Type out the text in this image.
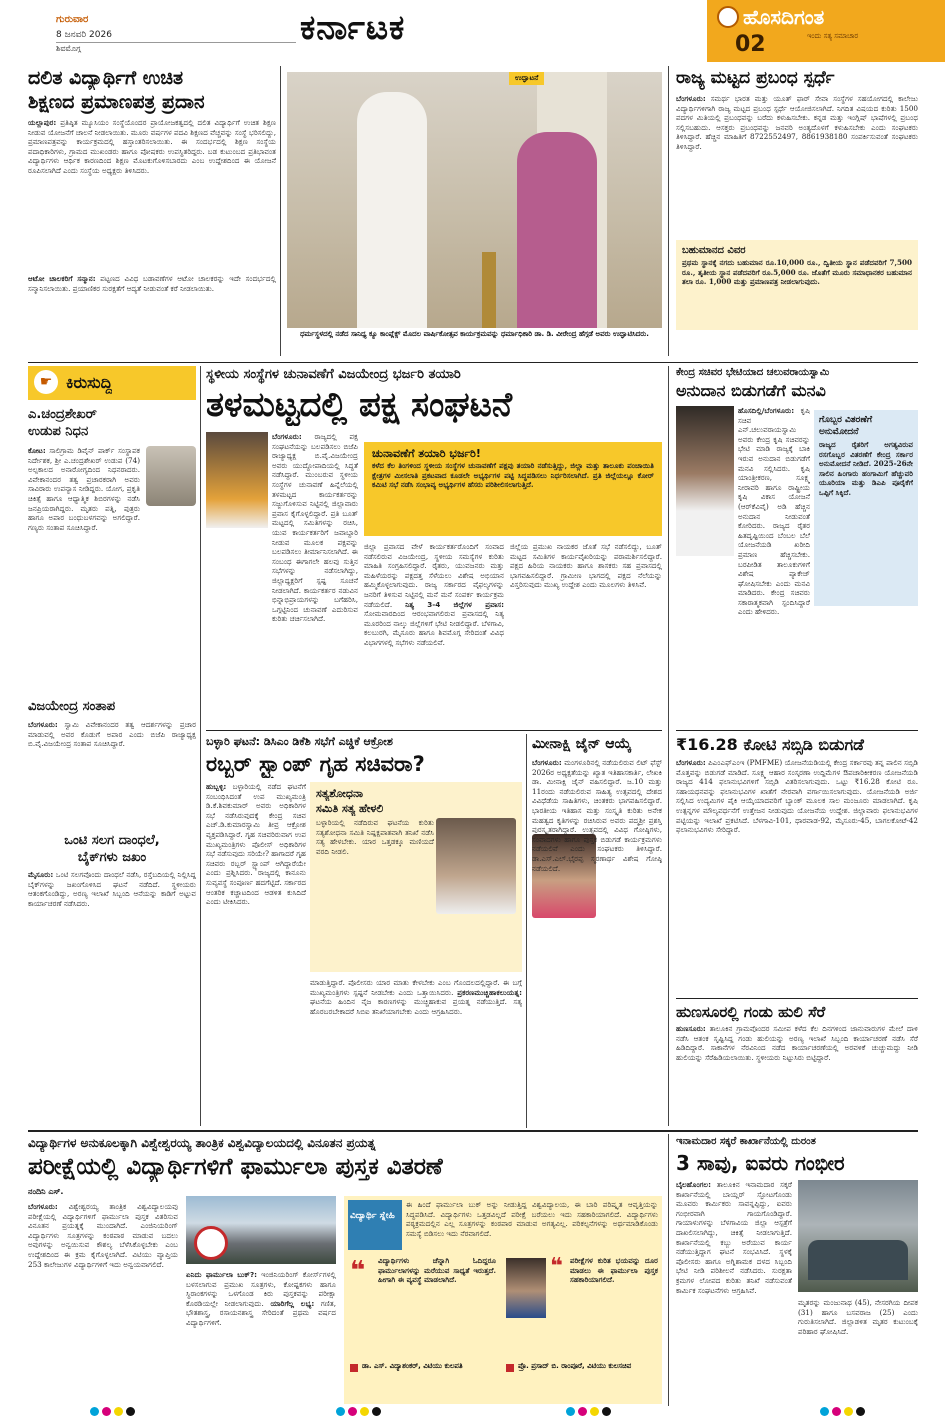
ಗುರುವಾರ
8 ಜನವರಿ 2026
ಶಿವಮೊಗ್ಗ
ಕರ್ನಾಟಕ	ಹೊಸದಿಗಂತ
ಇಂದು ಸತ್ಯ ಸಮಾಚಾರ
02
ದಲಿತ ವಿದ್ಯಾರ್ಥಿಗೆ ಉಚಿತ
ಶಿಕ್ಷಣದ ಪ್ರಮಾಣಪತ್ರ ಪ್ರದಾನ
ಯಲ್ಲಾಪುರ: ಪ್ರತಿಷ್ಠಿತ ಮ್ಯೂಸಿಯಂ ಸಂಸ್ಥೆಯೊಂದರ ಪ್ರಾಯೋಜಕತ್ವದಲ್ಲಿ ದಲಿತ ವಿದ್ಯಾರ್ಥಿಗೆ ಉಚಿತ ಶಿಕ್ಷಣ ನೀಡುವ ಯೋಜನೆಗೆ ಚಾಲನೆ ನೀಡಲಾಯಿತು. ಮೂರು ವರ್ಷಗಳ ಪದವಿ ಶಿಕ್ಷಣದ ವೆಚ್ಚವನ್ನು ಸಂಸ್ಥೆ ಭರಿಸಲಿದ್ದು, ಪ್ರಮಾಣಪತ್ರವನ್ನು ಕಾರ್ಯಕ್ರಮದಲ್ಲಿ ಹಸ್ತಾಂತರಿಸಲಾಯಿತು. ಈ ಸಂದರ್ಭದಲ್ಲಿ ಶಿಕ್ಷಣ ಸಂಸ್ಥೆಯ ಪದಾಧಿಕಾರಿಗಳು, ಗ್ರಾಮದ ಮುಖಂಡರು ಹಾಗೂ ಪೋಷಕರು ಉಪಸ್ಥಿತರಿದ್ದರು. ಬಡ ಕುಟುಂಬದ ಪ್ರತಿಭಾವಂತ ವಿದ್ಯಾರ್ಥಿಗಳು ಆರ್ಥಿಕ ಕಾರಣದಿಂದ ಶಿಕ್ಷಣ ಮೊಟಕುಗೊಳಿಸಬಾರದು ಎಂಬ ಉದ್ದೇಶದಿಂದ ಈ ಯೋಜನೆ ರೂಪಿಸಲಾಗಿದೆ ಎಂದು ಸಂಸ್ಥೆಯ ಅಧ್ಯಕ್ಷರು ತಿಳಿಸಿದರು.
ಆಟೋ ಚಾಲಕರಿಗೆ ಸನ್ಮಾನ: ಪಟ್ಟಣದ ವಿವಿಧ ಬಡಾವಣೆಗಳ ಆಟೋ ಚಾಲಕರನ್ನು ಇದೇ ಸಂದರ್ಭದಲ್ಲಿ ಸನ್ಮಾನಿಸಲಾಯಿತು. ಪ್ರಯಾಣಿಕರ ಸುರಕ್ಷತೆಗೆ ಆದ್ಯತೆ ನೀಡುವಂತೆ ಕರೆ ನೀಡಲಾಯಿತು.
ಉದ್ಘಾಟನೆ
ಧರ್ಮಸ್ಥಳದಲ್ಲಿ ನಡೆದ ಸಾನಿಧ್ಯ ಕ್ಯೂ ಕಾಂಪ್ಲೆಕ್ಸ್ ಮೊದಲ ವಾರ್ಷಿಕೋತ್ಸವ ಕಾರ್ಯಕ್ರಮವನ್ನು ಧರ್ಮಾಧಿಕಾರಿ ಡಾ. ಡಿ. ವೀರೇಂದ್ರ ಹೆಗ್ಗಡೆ ಅವರು ಉದ್ಘಾಟಿಸಿದರು.
ರಾಜ್ಯ ಮಟ್ಟದ ಪ್ರಬಂಧ ಸ್ಪರ್ಧೆ
ಬೆಂಗಳೂರು: ಸಮರ್ಥ ಭಾರತ ಮತ್ತು ಯೂತ್ ಫಾರ್ ಸೇವಾ ಸಂಸ್ಥೆಗಳ ಸಹಯೋಗದಲ್ಲಿ ಕಾಲೇಜು ವಿದ್ಯಾರ್ಥಿಗಳಿಗಾಗಿ ರಾಜ್ಯ ಮಟ್ಟದ ಪ್ರಬಂಧ ಸ್ಪರ್ಧೆ ಆಯೋಜಿಸಲಾಗಿದೆ. ನಿಗದಿತ ವಿಷಯದ ಕುರಿತು 1500 ಪದಗಳ ಮಿತಿಯಲ್ಲಿ ಪ್ರಬಂಧವನ್ನು ಬರೆದು ಕಳುಹಿಸಬೇಕು. ಕನ್ನಡ ಮತ್ತು ಇಂಗ್ಲಿಷ್ ಭಾಷೆಗಳಲ್ಲಿ ಪ್ರಬಂಧ ಸಲ್ಲಿಸಬಹುದು. ಆಸಕ್ತರು ಪ್ರಬಂಧವನ್ನು ಜನವರಿ ಅಂತ್ಯದೊಳಗೆ ಕಳುಹಿಸಬೇಕು ಎಂದು ಸಂಘಟಕರು ತಿಳಿಸಿದ್ದಾರೆ. ಹೆಚ್ಚಿನ ಮಾಹಿತಿಗೆ 8722552497, 8861938180 ಸಂಪರ್ಕಿಸುವಂತೆ ಸಂಘಟಕರು ತಿಳಿಸಿದ್ದಾರೆ.
ಬಹುಮಾನದ ವಿವರ
ಪ್ರಥಮ ಸ್ಥಾನಕ್ಕೆ ನಗದು ಬಹುಮಾನ ರೂ.10,000 ರೂ., ದ್ವಿತೀಯ ಸ್ಥಾನ ಪಡೆದವರಿಗೆ 7,500 ರೂ., ತೃತೀಯ ಸ್ಥಾನ ಪಡೆದವರಿಗೆ ರೂ.5,000 ರೂ. ಜೊತೆಗೆ ಮೂರು ಸಮಾಧಾನಕರ ಬಹುಮಾನ ತಲಾ ರೂ. 1,000 ಮತ್ತು ಪ್ರಮಾಣಪತ್ರ ನೀಡಲಾಗುವುದು.
☛ ಕಿರುಸುದ್ದಿ
ಎ.ಚಂದ್ರಶೇಖರ್
ಉಡುಪ ನಿಧನ
ಕೋಟ: ಸಾಲಿಗ್ರಾಮ ಡಿವೈನ್ ಪಾರ್ಕ್ ಸಂಸ್ಥಾಪಕ ನಿರ್ದೇಶಕ, ಶ್ರೀ ಎ.ಚಂದ್ರಶೇಖರ್ ಉಡುಪ (74) ಅಲ್ಪಕಾಲದ ಅನಾರೋಗ್ಯದಿಂದ ನಿಧನರಾದರು. ವಿವೇಕಾನಂದರ ತತ್ವ ಪ್ರಚಾರಕರಾಗಿ ಅವರು ಸಾವಿರಾರು ಉಪನ್ಯಾಸ ನೀಡಿದ್ದರು. ಯೋಗ, ಪ್ರಕೃತಿ ಚಿಕಿತ್ಸೆ ಹಾಗೂ ಆಧ್ಯಾತ್ಮಿಕ ಶಿಬಿರಗಳನ್ನು ನಡೆಸಿ ಜನಪ್ರಿಯರಾಗಿದ್ದರು. ಮೃತರು ಪತ್ನಿ, ಪುತ್ರರು ಹಾಗೂ ಅಪಾರ ಬಂಧುಬಳಗವನ್ನು ಅಗಲಿದ್ದಾರೆ. ಗಣ್ಯರು ಸಂತಾಪ ಸೂಚಿಸಿದ್ದಾರೆ.
ವಿಜಯೇಂದ್ರ ಸಂತಾಪ
ಬೆಂಗಳೂರು: ಸ್ವಾಮಿ ವಿವೇಕಾನಂದರ ತತ್ವ ಆದರ್ಶಗಳನ್ನು ಪ್ರಚಾರ ಮಾಡುವಲ್ಲಿ ಅವರ ಕೊಡುಗೆ ಅಪಾರ ಎಂದು ಬಿಜೆಪಿ ರಾಜ್ಯಾಧ್ಯಕ್ಷ ಬಿ.ವೈ.ವಿಜಯೇಂದ್ರ ಸಂತಾಪ ಸೂಚಿಸಿದ್ದಾರೆ.
ಒಂಟಿ ಸಲಗ ದಾಂಧಲೆ,
ಬೈಕ್‌ಗಳು ಜಖಂ
ಮೈಸೂರು: ಒಂಟಿ ಸಲಗವೊಂದು ದಾಂಧಲೆ ನಡೆಸಿ, ರಸ್ತೆಬದಿಯಲ್ಲಿ ನಿಲ್ಲಿಸಿದ್ದ ಬೈಕ್‌ಗಳನ್ನು ಜಖಂಗೊಳಿಸಿದ ಘಟನೆ ನಡೆದಿದೆ. ಸ್ಥಳೀಯರು ಆತಂಕಗೊಂಡಿದ್ದು, ಅರಣ್ಯ ಇಲಾಖೆ ಸಿಬ್ಬಂದಿ ಆನೆಯನ್ನು ಕಾಡಿಗೆ ಅಟ್ಟುವ ಕಾರ್ಯಾಚರಣೆ ನಡೆಸಿದರು.
ಸ್ಥಳೀಯ ಸಂಸ್ಥೆಗಳ ಚುನಾವಣೆಗೆ ವಿಜಯೇಂದ್ರ ಭರ್ಜರಿ ತಯಾರಿ
ತಳಮಟ್ಟದಲ್ಲಿ ಪಕ್ಷ ಸಂಘಟನೆ
ಬೆಂಗಳೂರು: ರಾಜ್ಯದಲ್ಲಿ ಪಕ್ಷ ಸಂಘಟನೆಯನ್ನು ಬಲಪಡಿಸಲು ಬಿಜೆಪಿ ರಾಜ್ಯಾಧ್ಯಕ್ಷ ಬಿ.ವೈ.ವಿಜಯೇಂದ್ರ ಅವರು ಯುದ್ಧೋಪಾದಿಯಲ್ಲಿ ಸಿದ್ಧತೆ ನಡೆಸಿದ್ದಾರೆ. ಮುಂಬರುವ ಸ್ಥಳೀಯ ಸಂಸ್ಥೆಗಳ ಚುನಾವಣೆ ಹಿನ್ನೆಲೆಯಲ್ಲಿ ತಳಮಟ್ಟದ ಕಾರ್ಯಕರ್ತರನ್ನು ಸಜ್ಜುಗೊಳಿಸುವ ನಿಟ್ಟಿನಲ್ಲಿ ಜಿಲ್ಲಾವಾರು ಪ್ರವಾಸ ಕೈಗೊಳ್ಳಲಿದ್ದಾರೆ. ಪ್ರತಿ ಬೂತ್ ಮಟ್ಟದಲ್ಲಿ ಸಮಿತಿಗಳನ್ನು ರಚಿಸಿ, ಯುವ ಕಾರ್ಯಕರ್ತರಿಗೆ ಜವಾಬ್ದಾರಿ ನೀಡುವ ಮೂಲಕ ಪಕ್ಷವನ್ನು ಬಲಪಡಿಸಲು ತೀರ್ಮಾನಿಸಲಾಗಿದೆ. ಈ ಸಂಬಂಧ ಈಗಾಗಲೇ ಹಲವು ಸುತ್ತಿನ ಸಭೆಗಳನ್ನು ನಡೆಸಲಾಗಿದ್ದು, ಜಿಲ್ಲಾಧ್ಯಕ್ಷರಿಗೆ ಸ್ಪಷ್ಟ ಸೂಚನೆ ನೀಡಲಾಗಿದೆ. ಕಾರ್ಯಕರ್ತರ ನಡುವಿನ ಭಿನ್ನಾಭಿಪ್ರಾಯಗಳನ್ನು ಬಗೆಹರಿಸಿ, ಒಗ್ಗಟ್ಟಿನಿಂದ ಚುನಾವಣೆ ಎದುರಿಸುವ ಕುರಿತು ಚರ್ಚಿಸಲಾಗಿದೆ.
ಚುನಾವಣೆಗೆ ತಯಾರಿ ಭರ್ಜರಿ!
ಕಳೆದ ಕೆಲ ತಿಂಗಳಿಂದ ಸ್ಥಳೀಯ ಸಂಸ್ಥೆಗಳ ಚುನಾವಣೆಗೆ ಪಕ್ಷವು ತಯಾರಿ ನಡೆಸುತ್ತಿದ್ದು, ಜಿಲ್ಲಾ ಮತ್ತು ತಾಲೂಕು ಪಂಚಾಯಿತಿ ಕ್ಷೇತ್ರಗಳ ಮೀಸಲಾತಿ ಪ್ರಕಟವಾದ ಕೂಡಲೇ ಅಭ್ಯರ್ಥಿಗಳ ಪಟ್ಟಿ ಸಿದ್ಧಪಡಿಸಲು ನಿರ್ಧರಿಸಲಾಗಿದೆ. ಪ್ರತಿ ಜಿಲ್ಲೆಯಲ್ಲೂ ಕೋರ್ ಕಮಿಟಿ ಸಭೆ ನಡೆಸಿ ಸಂಭಾವ್ಯ ಅಭ್ಯರ್ಥಿಗಳ ಹೆಸರು ಪರಿಶೀಲಿಸಲಾಗುತ್ತಿದೆ.
ಜಿಲ್ಲಾ ಪ್ರವಾಸದ ವೇಳೆ ಕಾರ್ಯಕರ್ತರೊಂದಿಗೆ ಸಂವಾದ ನಡೆಸಲಿರುವ ವಿಜಯೇಂದ್ರ, ಸ್ಥಳೀಯ ಸಮಸ್ಯೆಗಳ ಕುರಿತು ಮಾಹಿತಿ ಸಂಗ್ರಹಿಸಲಿದ್ದಾರೆ. ರೈತರು, ಯುವಜನರು ಮತ್ತು ಮಹಿಳೆಯರನ್ನು ಪಕ್ಷದತ್ತ ಸೆಳೆಯಲು ವಿಶೇಷ ಅಭಿಯಾನ ಹಮ್ಮಿಕೊಳ್ಳಲಾಗುವುದು. ರಾಜ್ಯ ಸರ್ಕಾರದ ವೈಫಲ್ಯಗಳನ್ನು ಜನರಿಗೆ ತಿಳಿಸುವ ನಿಟ್ಟಿನಲ್ಲಿ ಮನೆ ಮನೆ ಸಂಪರ್ಕ ಕಾರ್ಯಕ್ರಮ ನಡೆಯಲಿದೆ. ನಿತ್ಯ 3-4 ಜಿಲ್ಲೆಗಳ ಪ್ರವಾಸ: ಸೋಮವಾರದಿಂದ ಆರಂಭವಾಗಲಿರುವ ಪ್ರವಾಸದಲ್ಲಿ ನಿತ್ಯ ಮೂರರಿಂದ ನಾಲ್ಕು ಜಿಲ್ಲೆಗಳಿಗೆ ಭೇಟಿ ನೀಡಲಿದ್ದಾರೆ. ಬೆಳಗಾವಿ, ಕಲಬುರಗಿ, ಮೈಸೂರು ಹಾಗೂ ಶಿವಮೊಗ್ಗ ಸೇರಿದಂತೆ ವಿವಿಧ ವಿಭಾಗಗಳಲ್ಲಿ ಸಭೆಗಳು ನಡೆಯಲಿವೆ.
ಜಿಲ್ಲೆಯ ಪ್ರಮುಖ ನಾಯಕರ ಜೊತೆ ಸಭೆ ನಡೆಸಲಿದ್ದು, ಬೂತ್ ಮಟ್ಟದ ಸಮಿತಿಗಳ ಕಾರ್ಯವೈಖರಿಯನ್ನು ಪರಾಮರ್ಶಿಸಲಿದ್ದಾರೆ. ಪಕ್ಷದ ಹಿರಿಯ ನಾಯಕರು ಹಾಗೂ ಶಾಸಕರು ಸಹ ಪ್ರವಾಸದಲ್ಲಿ ಭಾಗವಹಿಸಲಿದ್ದಾರೆ. ಗ್ರಾಮೀಣ ಭಾಗದಲ್ಲಿ ಪಕ್ಷದ ನೆಲೆಯನ್ನು ವಿಸ್ತರಿಸುವುದು ಮುಖ್ಯ ಉದ್ದೇಶ ಎಂದು ಮೂಲಗಳು ತಿಳಿಸಿವೆ.
ಬಳ್ಳಾರಿ ಘಟನೆ: ಡಿಸಿಎಂ ಡಿಕೆಶಿ ಸಭೆಗೆ ಎಚ್ಡಿಕೆ ಆಕ್ರೋಶ
ರಬ್ಬರ್ ಸ್ಟ್ಯಾಂಪ್ ಗೃಹ ಸಚಿವರಾ?
ಹುಬ್ಬಳ್ಳಿ: ಬಳ್ಳಾರಿಯಲ್ಲಿ ನಡೆದ ಘಟನೆಗೆ ಸಂಬಂಧಿಸಿದಂತೆ ಉಪ ಮುಖ್ಯಮಂತ್ರಿ ಡಿ.ಕೆ.ಶಿವಕುಮಾರ್ ಅವರು ಅಧಿಕಾರಿಗಳ ಸಭೆ ನಡೆಸಿರುವುದಕ್ಕೆ ಕೇಂದ್ರ ಸಚಿವ ಎಚ್.ಡಿ.ಕುಮಾರಸ್ವಾಮಿ ತೀವ್ರ ಆಕ್ರೋಶ ವ್ಯಕ್ತಪಡಿಸಿದ್ದಾರೆ. ಗೃಹ ಸಚಿವರಿರುವಾಗ ಉಪ ಮುಖ್ಯಮಂತ್ರಿಗಳು ಪೊಲೀಸ್ ಅಧಿಕಾರಿಗಳ ಸಭೆ ನಡೆಸುವುದು ಸರಿಯೇ? ಹಾಗಾದರೆ ಗೃಹ ಸಚಿವರು ರಬ್ಬರ್ ಸ್ಟ್ಯಾಂಪ್ ಆಗಿದ್ದಾರೆಯೇ ಎಂದು ಪ್ರಶ್ನಿಸಿದರು. ರಾಜ್ಯದಲ್ಲಿ ಕಾನೂನು ಸುವ್ಯವಸ್ಥೆ ಸಂಪೂರ್ಣ ಹದಗೆಟ್ಟಿದೆ. ಸರ್ಕಾರದ ಆಂತರಿಕ ಕಚ್ಚಾಟದಿಂದ ಆಡಳಿತ ಕುಸಿದಿದೆ ಎಂದು ಟೀಕಿಸಿದರು.
ಸತ್ಯಶೋಧನಾ
ಸಮಿತಿ ಸತ್ಯ ಹೇಳಲಿ
ಬಳ್ಳಾರಿಯಲ್ಲಿ ನಡೆದಿರುವ ಘಟನೆಯ ಕುರಿತು ಸತ್ಯಶೋಧನಾ ಸಮಿತಿ ನಿಷ್ಪಕ್ಷಪಾತವಾಗಿ ತನಿಖೆ ನಡೆಸಿ ಸತ್ಯ ಹೇಳಬೇಕು. ಯಾರ ಒತ್ತಡಕ್ಕೂ ಮಣಿಯದೆ ವರದಿ ನೀಡಲಿ.
ಮಾಡುತ್ತಿದ್ದಾರೆ. ಪೊಲೀಸರು ಯಾರ ಮಾತು ಕೇಳಬೇಕು ಎಂಬ ಗೊಂದಲದಲ್ಲಿದ್ದಾರೆ. ಈ ಬಗ್ಗೆ ಮುಖ್ಯಮಂತ್ರಿಗಳು ಸ್ಪಷ್ಟನೆ ನೀಡಬೇಕು ಎಂದು ಒತ್ತಾಯಿಸಿದರು. ಪ್ರಕರಣಮುಚ್ಚಿಹಾಕಲುಯತ್ನ: ಘಟನೆಯ ಹಿಂದಿನ ನೈಜ ಕಾರಣಗಳನ್ನು ಮುಚ್ಚಿಹಾಕುವ ಪ್ರಯತ್ನ ನಡೆಯುತ್ತಿದೆ. ಸತ್ಯ ಹೊರಬರಬೇಕಾದರೆ ಸಿಬಿಐ ತನಿಖೆಯಾಗಬೇಕು ಎಂದು ಆಗ್ರಹಿಸಿದರು.
ಮೀನಾಕ್ಷಿ ಜೈನ್ ಆಯ್ಕೆ
ಬೆಂಗಳೂರು: ಮಂಗಳೂರಿನಲ್ಲಿ ನಡೆಯಲಿರುವ ಲಿಟ್ ಫೆಸ್ಟ್ 2026ರ ಅಧ್ಯಕ್ಷತೆಯನ್ನು ಖ್ಯಾತ ಇತಿಹಾಸಕಾರ್ತಿ, ಲೇಖಕಿ ಡಾ. ಮೀನಾಕ್ಷಿ ಜೈನ್ ವಹಿಸಲಿದ್ದಾರೆ. ಜ.10 ಮತ್ತು 11ರಂದು ನಡೆಯಲಿರುವ ಸಾಹಿತ್ಯ ಉತ್ಸವದಲ್ಲಿ ದೇಶದ ವಿವಿಧೆಡೆಯ ಸಾಹಿತಿಗಳು, ಚಿಂತಕರು ಭಾಗವಹಿಸಲಿದ್ದಾರೆ. ಭಾರತೀಯ ಇತಿಹಾಸ ಮತ್ತು ಸಂಸ್ಕೃತಿ ಕುರಿತು ಅನೇಕ ಮಹತ್ವದ ಕೃತಿಗಳನ್ನು ರಚಿಸಿರುವ ಅವರು ಪದ್ಮಶ್ರೀ ಪ್ರಶಸ್ತಿ ಪುರಸ್ಕೃತರಾಗಿದ್ದಾರೆ. ಉತ್ಸವದಲ್ಲಿ ವಿವಿಧ ಗೋಷ್ಠಿಗಳು, ಸಂವಾದಗಳು ಹಾಗೂ ಪುಸ್ತಕ ಬಿಡುಗಡೆ ಕಾರ್ಯಕ್ರಮಗಳು ನಡೆಯಲಿವೆ ಎಂದು ಸಂಘಟಕರು ತಿಳಿಸಿದ್ದಾರೆ. ಡಾ.ಎಸ್.ಎಲ್.ಭೈರಪ್ಪ ಸ್ಮರಣಾರ್ಥ ವಿಶೇಷ ಗೋಷ್ಠಿ ನಡೆಯಲಿದೆ.
ಕೇಂದ್ರ ಸಚಿವರ ಭೇಟಿಯಾದ ಚಲುವರಾಯಸ್ವಾಮಿ
ಅನುದಾನ ಬಿಡುಗಡೆಗೆ ಮನವಿ
ಹೊಸದಿಲ್ಲಿ/ಬೆಂಗಳೂರು: ಕೃಷಿ ಸಚಿವ ಎನ್.ಚಲುವರಾಯಸ್ವಾಮಿ ಅವರು ಕೇಂದ್ರ ಕೃಷಿ ಸಚಿವರನ್ನು ಭೇಟಿ ಮಾಡಿ ರಾಜ್ಯಕ್ಕೆ ಬಾಕಿ ಇರುವ ಅನುದಾನ ಬಿಡುಗಡೆಗೆ ಮನವಿ ಸಲ್ಲಿಸಿದರು. ಕೃಷಿ ಯಾಂತ್ರೀಕರಣ, ಸೂಕ್ಷ್ಮ ನೀರಾವರಿ ಹಾಗೂ ರಾಷ್ಟ್ರೀಯ ಕೃಷಿ ವಿಕಾಸ ಯೋಜನೆ (ಆರ್‌ಕೆವಿವೈ) ಅಡಿ ಹೆಚ್ಚಿನ ಅನುದಾನ ನೀಡುವಂತೆ ಕೋರಿದರು. ರಾಜ್ಯದ ರೈತರ ಹಿತದೃಷ್ಟಿಯಿಂದ ಬೆಂಬಲ ಬೆಲೆ ಯೋಜನೆಯಡಿ ಖರೀದಿ ಪ್ರಮಾಣ ಹೆಚ್ಚಿಸಬೇಕು. ಬರಪೀಡಿತ ತಾಲೂಕುಗಳಿಗೆ ವಿಶೇಷ ಪ್ಯಾಕೇಜ್ ಘೋಷಿಸಬೇಕು ಎಂದು ಮನವಿ ಮಾಡಿದರು. ಕೇಂದ್ರ ಸಚಿವರು ಸಕಾರಾತ್ಮಕವಾಗಿ ಸ್ಪಂದಿಸಿದ್ದಾರೆ ಎಂದು ಹೇಳಿದರು.
ಗೊಬ್ಬರ ವಿತರಣೆಗೆ ಅನುಮೋದನೆ
ರಾಜ್ಯದ ರೈತರಿಗೆ ಅಗತ್ಯವಿರುವ ರಸಗೊಬ್ಬರ ವಿತರಣೆಗೆ ಕೇಂದ್ರ ಸರ್ಕಾರ ಅನುಮೋದನೆ ನೀಡಿದೆ. 2025-26ನೇ ಸಾಲಿನ ಹಿಂಗಾರು ಹಂಗಾಮಿಗೆ ಹೆಚ್ಚುವರಿ ಯೂರಿಯಾ ಮತ್ತು ಡಿಎಪಿ ಪೂರೈಕೆಗೆ ಒಪ್ಪಿಗೆ ಸಿಕ್ಕಿದೆ.
₹16.28 ಕೋಟಿ ಸಬ್ಸಿಡಿ ಬಿಡುಗಡೆ
ಬೆಂಗಳೂರು: ಪಿಎಂಎಫ್‌ಎಂಇ (PMFME) ಯೋಜನೆಯಡಿಯಲ್ಲಿ ಕೇಂದ್ರ ಸರ್ಕಾರವು ತನ್ನ ಪಾಲಿನ ಸಬ್ಸಿಡಿ ಮೊತ್ತವನ್ನು ಬಿಡುಗಡೆ ಮಾಡಿದೆ. ಸೂಕ್ಷ್ಮ ಆಹಾರ ಸಂಸ್ಕರಣಾ ಉದ್ದಿಮೆಗಳ ಔಪಚಾರಿಕೀಕರಣ ಯೋಜನೆಯಡಿ ರಾಜ್ಯದ 414 ಫಲಾನುಭವಿಗಳಿಗೆ ಸಬ್ಸಿಡಿ ವಿತರಿಸಲಾಗುವುದು. ಒಟ್ಟು ₹16.28 ಕೋಟಿ ರೂ. ಸಹಾಯಧನವನ್ನು ಫಲಾನುಭವಿಗಳ ಖಾತೆಗೆ ನೇರವಾಗಿ ವರ್ಗಾಯಿಸಲಾಗುವುದು. ಯೋಜನೆಯಡಿ ಅರ್ಜಿ ಸಲ್ಲಿಸಿದ ಉದ್ಯಮಿಗಳ ಪೈಕಿ ಆಯ್ಕೆಯಾದವರಿಗೆ ಬ್ಯಾಂಕ್ ಮೂಲಕ ಸಾಲ ಮಂಜೂರು ಮಾಡಲಾಗಿದೆ. ಕೃಷಿ ಉತ್ಪನ್ನಗಳ ಮೌಲ್ಯವರ್ಧನೆಗೆ ಉತ್ತೇಜನ ನೀಡುವುದು ಯೋಜನೆಯ ಉದ್ದೇಶ. ಜಿಲ್ಲಾವಾರು ಫಲಾನುಭವಿಗಳ ಪಟ್ಟಿಯನ್ನು ಇಲಾಖೆ ಪ್ರಕಟಿಸಿದೆ. ಬೆಳಗಾವಿ-101, ಧಾರವಾಡ-92, ಮೈಸೂರು-45, ಬಾಗಲಕೋಟೆ-42 ಫಲಾನುಭವಿಗಳು ಸೇರಿದ್ದಾರೆ.
ಹುಣಸೂರಲ್ಲಿ ಗಂಡು ಹುಲಿ ಸೆರೆ
ಹುಣಸೂರು: ತಾಲೂಕಿನ ಗ್ರಾಮವೊಂದರ ಸಮೀಪ ಕಳೆದ ಕೆಲ ದಿನಗಳಿಂದ ಜಾನುವಾರುಗಳ ಮೇಲೆ ದಾಳಿ ನಡೆಸಿ ಆತಂಕ ಸೃಷ್ಟಿಸಿದ್ದ ಗಂಡು ಹುಲಿಯನ್ನು ಅರಣ್ಯ ಇಲಾಖೆ ಸಿಬ್ಬಂದಿ ಕಾರ್ಯಾಚರಣೆ ನಡೆಸಿ ಸೆರೆ ಹಿಡಿದಿದ್ದಾರೆ. ಸಾಕಾನೆಗಳ ನೆರವಿನಿಂದ ನಡೆದ ಕಾರ್ಯಾಚರಣೆಯಲ್ಲಿ ಅರವಳಿಕೆ ಚುಚ್ಚುಮದ್ದು ನೀಡಿ ಹುಲಿಯನ್ನು ಸೆರೆಹಿಡಿಯಲಾಯಿತು. ಸ್ಥಳೀಯರು ನಿಟ್ಟುಸಿರು ಬಿಟ್ಟಿದ್ದಾರೆ.
ವಿದ್ಯಾರ್ಥಿಗಳ ಅನುಕೂಲಕ್ಕಾಗಿ ವಿಶ್ವೇಶ್ವರಯ್ಯ ತಾಂತ್ರಿಕ ವಿಶ್ವವಿದ್ಯಾಲಯದಲ್ಲಿ ವಿನೂತನ ಪ್ರಯತ್ನ
ಪರೀಕ್ಷೆಯಲ್ಲಿ ವಿದ್ಯಾರ್ಥಿಗಳಿಗೆ ಫಾರ್ಮುಲಾ ಪುಸ್ತಕ ವಿತರಣೆ
ನಂದಿನಿ ಎಸ್.
ಬೆಂಗಳೂರು: ವಿಶ್ವೇಶ್ವರಯ್ಯ ತಾಂತ್ರಿಕ ವಿಶ್ವವಿದ್ಯಾಲಯವು ಪರೀಕ್ಷೆಯಲ್ಲಿ ವಿದ್ಯಾರ್ಥಿಗಳಿಗೆ ಫಾರ್ಮುಲಾ ಪುಸ್ತಕ ವಿತರಿಸುವ ವಿನೂತನ ಪ್ರಯತ್ನಕ್ಕೆ ಮುಂದಾಗಿದೆ. ಎಂಜಿನಿಯರಿಂಗ್ ವಿದ್ಯಾರ್ಥಿಗಳು ಸೂತ್ರಗಳನ್ನು ಕಂಠಪಾಠ ಮಾಡುವ ಬದಲು ಅವುಗಳನ್ನು ಅನ್ವಯಿಸುವ ಕೌಶಲ್ಯ ಬೆಳೆಸಿಕೊಳ್ಳಬೇಕು ಎಂಬ ಉದ್ದೇಶದಿಂದ ಈ ಕ್ರಮ ಕೈಗೊಳ್ಳಲಾಗಿದೆ. ವಿಟಿಯು ವ್ಯಾಪ್ತಿಯ 253 ಕಾಲೇಜುಗಳ ವಿದ್ಯಾರ್ಥಿಗಳಿಗೆ ಇದು ಅನ್ವಯವಾಗಲಿದೆ.
ಏನಿದು ಫಾರ್ಮುಲಾ ಬುಕ್?: ಇಂಜಿನಿಯರಿಂಗ್ ಕೋರ್ಸ್‌ಗಳಲ್ಲಿ ಬಳಸಲಾಗುವ ಪ್ರಮುಖ ಸೂತ್ರಗಳು, ಕೋಷ್ಟಕಗಳು ಹಾಗೂ ಸ್ಥಿರಾಂಕಗಳನ್ನು ಒಳಗೊಂಡ ಕಿರು ಪುಸ್ತಕವನ್ನು ಪರೀಕ್ಷಾ ಕೊಠಡಿಯಲ್ಲೇ ನೀಡಲಾಗುವುದು. ಯಾರಿಗೆಲ್ಲ ಲಭ್ಯ: ಗಣಿತ, ಭೌತಶಾಸ್ತ್ರ, ರಸಾಯನಶಾಸ್ತ್ರ ಸೇರಿದಂತೆ ಪ್ರಥಮ ವರ್ಷದ ವಿದ್ಯಾರ್ಥಿಗಳಿಗೆ.
ವಿದ್ಯಾರ್ಥಿ ಸ್ನೇಹಿ
ಈ ಹಿಂದೆ ಫಾರ್ಮುಲಾ ಬುಕ್ ಅನ್ನು ನೀಡುತ್ತಿದ್ದ ವಿಶ್ವವಿದ್ಯಾಲಯ, ಈ ಬಾರಿ ಪರಿಷ್ಕೃತ ಆವೃತ್ತಿಯನ್ನು ಸಿದ್ಧಪಡಿಸಿದೆ. ವಿದ್ಯಾರ್ಥಿಗಳು ಒತ್ತಡವಿಲ್ಲದೆ ಪರೀಕ್ಷೆ ಬರೆಯಲು ಇದು ಸಹಕಾರಿಯಾಗಲಿದೆ. ವಿದ್ಯಾರ್ಥಿಗಳು ಪಠ್ಯಕ್ರಮದಲ್ಲಿನ ಎಲ್ಲ ಸೂತ್ರಗಳನ್ನು ಕಂಠಪಾಠ ಮಾಡುವ ಅಗತ್ಯವಿಲ್ಲ. ಪರಿಕಲ್ಪನೆಗಳನ್ನು ಅರ್ಥಮಾಡಿಕೊಂಡು ಸಮಸ್ಯೆ ಬಿಡಿಸಲು ಇದು ನೆರವಾಗಲಿದೆ.
❝ ವಿದ್ಯಾರ್ಥಿಗಳು ಚೆನ್ನಾಗಿ ಓದಿದ್ದರೂ ಫಾರ್ಮುಲಾಗಳನ್ನು ಮರೆಯುವ ಸಾಧ್ಯತೆ ಇರುತ್ತದೆ. ಹೀಗಾಗಿ ಈ ವ್ಯವಸ್ಥೆ ಮಾಡಲಾಗಿದೆ.
ಡಾ. ಎಸ್. ವಿದ್ಯಾಶಂಕರ್, ವಿಟಿಯು ಕುಲಪತಿ
❝ ಪರೀಕ್ಷೆಗಳ ಕುರಿತ ಭಯವನ್ನು ದೂರ ಮಾಡಲು ಈ ಫಾರ್ಮುಲಾ ಪುಸ್ತಕ ಸಹಕಾರಿಯಾಗಲಿದೆ.
ಪ್ರೊ. ಪ್ರಸಾದ್ ಬಿ. ರಾಂಪೂರೆ, ವಿಟಿಯು ಕುಲಸಚಿವ
ಇನಾಮದಾರ ಸಕ್ಕರೆ ಕಾರ್ಖಾನೆಯಲ್ಲಿ ದುರಂತ
3 ಸಾವು, ಐವರು ಗಂಭೀರ
ಬೈಲಹೊಂಗಲ: ತಾಲೂಕಿನ ಇನಾಮದಾರ ಸಕ್ಕರೆ ಕಾರ್ಖಾನೆಯಲ್ಲಿ ಬಾಯ್ಲರ್ ಸ್ಫೋಟಗೊಂಡು ಮೂವರು ಕಾರ್ಮಿಕರು ಸಾವನ್ನಪ್ಪಿದ್ದು, ಐವರು ಗಂಭೀರವಾಗಿ ಗಾಯಗೊಂಡಿದ್ದಾರೆ. ಗಾಯಾಳುಗಳನ್ನು ಬೆಳಗಾವಿಯ ಜಿಲ್ಲಾ ಆಸ್ಪತ್ರೆಗೆ ದಾಖಲಿಸಲಾಗಿದ್ದು, ಚಿಕಿತ್ಸೆ ನೀಡಲಾಗುತ್ತಿದೆ. ಕಾರ್ಖಾನೆಯಲ್ಲಿ ಕಬ್ಬು ಅರೆಯುವ ಕಾರ್ಯ ನಡೆಯುತ್ತಿದ್ದಾಗ ಘಟನೆ ಸಂಭವಿಸಿದೆ. ಸ್ಥಳಕ್ಕೆ ಪೊಲೀಸರು ಹಾಗೂ ಅಗ್ನಿಶಾಮಕ ದಳದ ಸಿಬ್ಬಂದಿ ಭೇಟಿ ನೀಡಿ ಪರಿಶೀಲನೆ ನಡೆಸಿದರು. ಸುರಕ್ಷತಾ ಕ್ರಮಗಳ ಲೋಪದ ಕುರಿತು ತನಿಖೆ ನಡೆಸುವಂತೆ ಕಾರ್ಮಿಕ ಸಂಘಟನೆಗಳು ಆಗ್ರಹಿಸಿವೆ.
ಮೃತರನ್ನು ಮಂಜುನಾಥ (45), ನೇಸರಗಿಯ ದೀಪಕ (31) ಹಾಗೂ ಬಸವರಾಜ (25) ಎಂದು ಗುರುತಿಸಲಾಗಿದೆ. ಜಿಲ್ಲಾಡಳಿತ ಮೃತರ ಕುಟುಂಬಕ್ಕೆ ಪರಿಹಾರ ಘೋಷಿಸಿದೆ.
